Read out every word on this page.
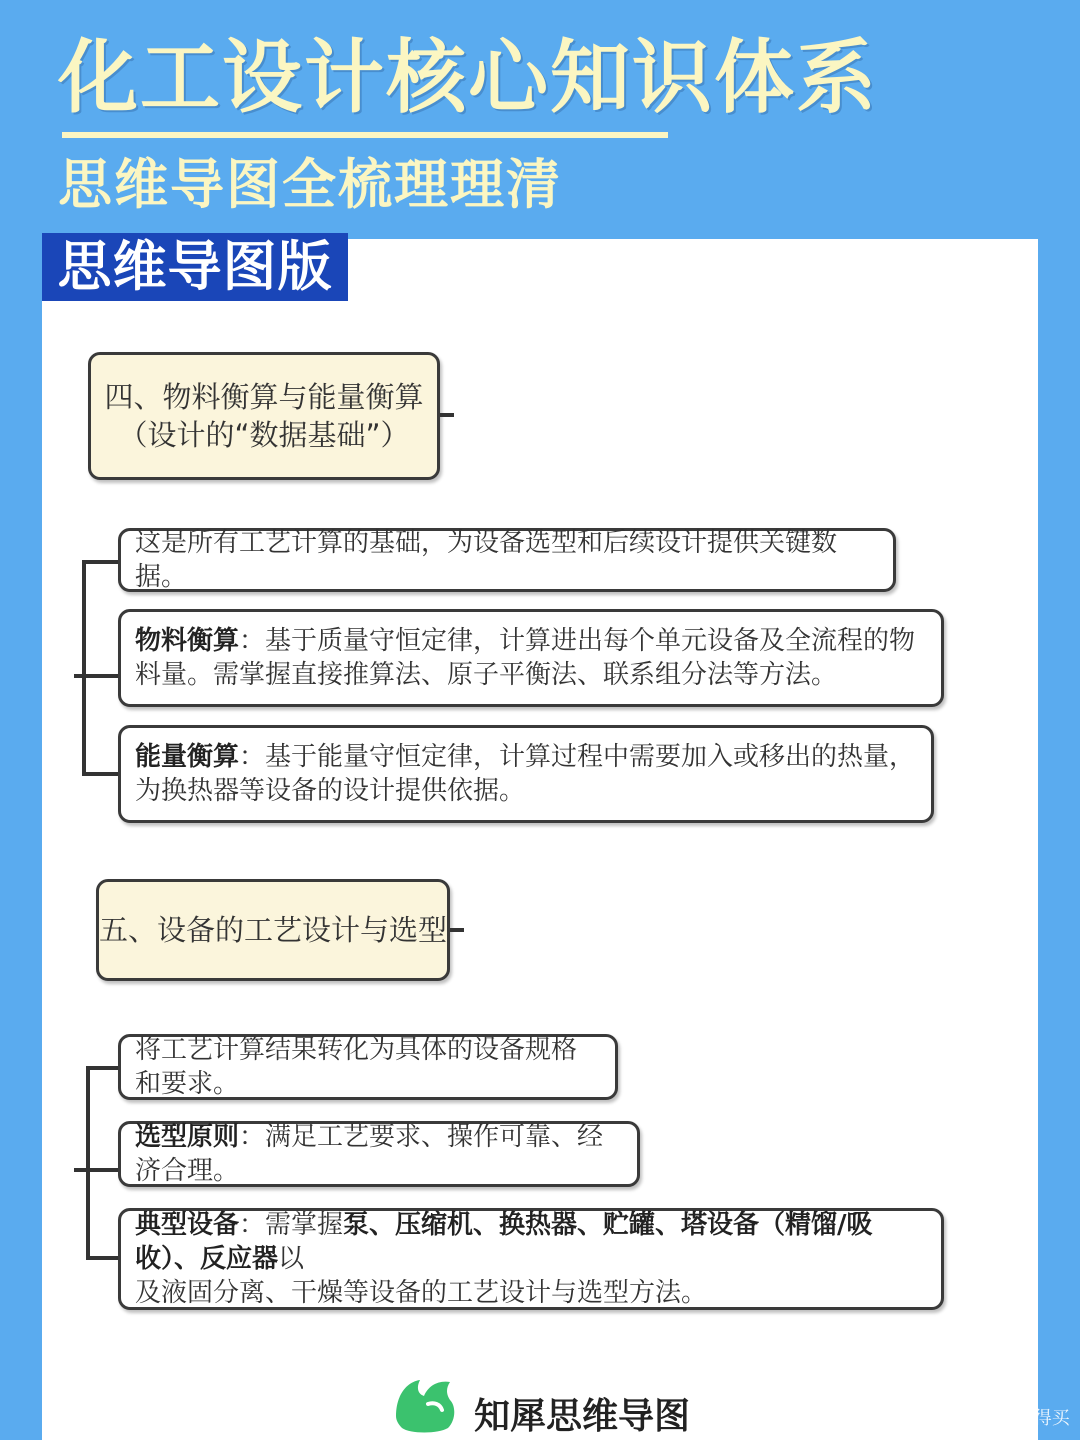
化工设计核心知识体系
思维导图全梳理理清
思维导图版
四、物料衡算与能量衡算
（设计的“数据基础”）
这是所有工艺计算的基础，为设备选型和后续设计提供关键数据。
物料衡算：基于质量守恒定律，计算进出每个单元设备及全流程的物
料量。需掌握直接推算法、原子平衡法、联系组分法等方法。
能量衡算：基于能量守恒定律，计算过程中需要加入或移出的热量，
为换热器等设备的设计提供依据。
五、设备的工艺设计与选型
将工艺计算结果转化为具体的设备规格和要求。
选型原则：满足工艺要求、操作可靠、经济合理。
典型设备：需掌握泵、压缩机、换热器、贮罐、塔设备（精馏/吸收）、反应器以
及液固分离、干燥等设备的工艺设计与选型方法。
知犀思维导图	值 什么值得买
